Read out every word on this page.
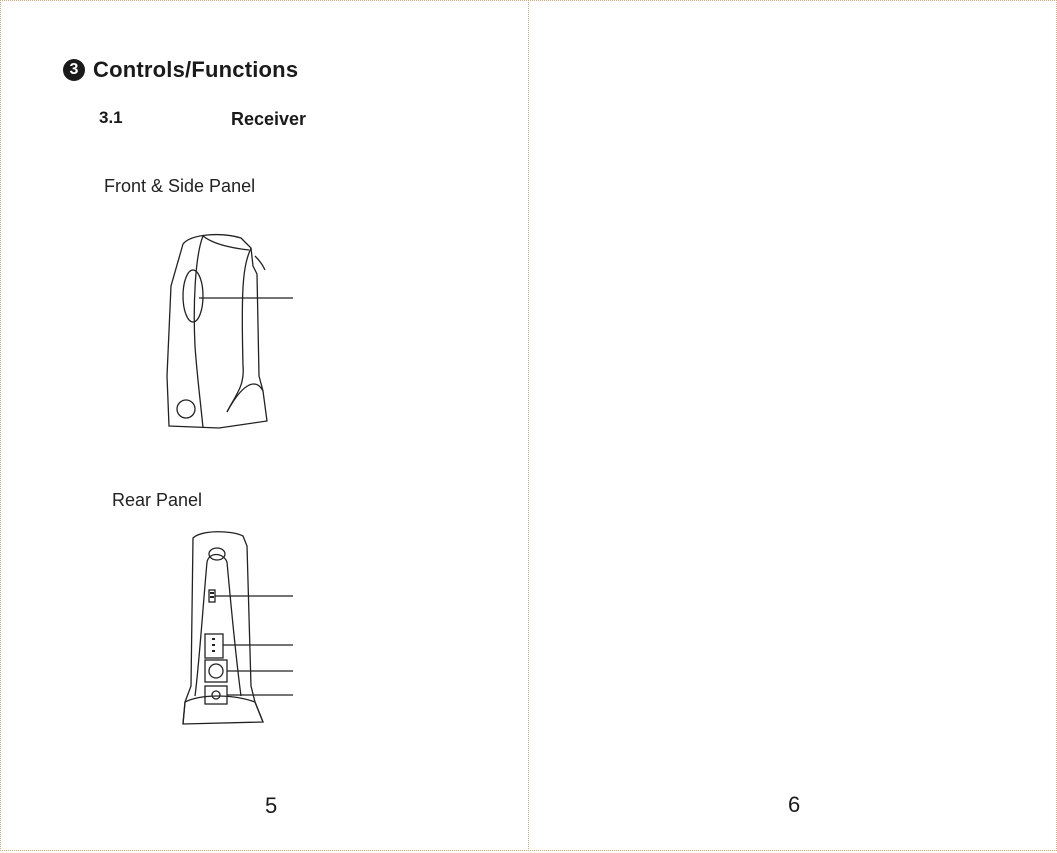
3 Controls/Functions
3.1	Receiver
Front & Side Panel
Rear Panel
5	6
